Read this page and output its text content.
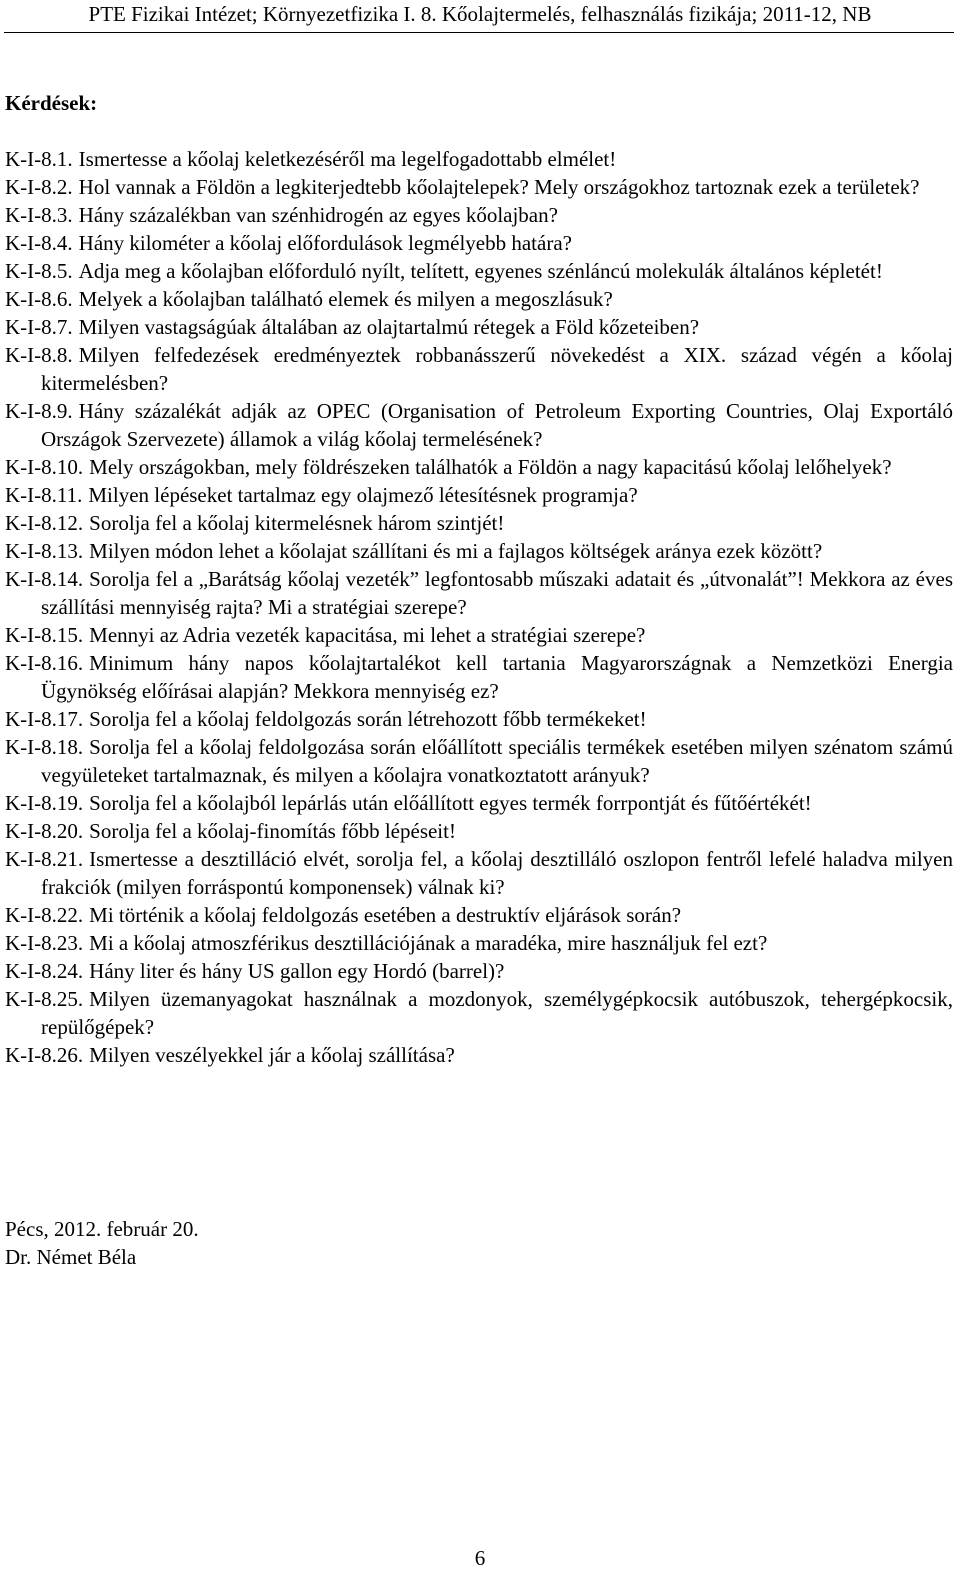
PTE Fizikai Intézet; Környezetfizika I. 8. Kőolajtermelés, felhasználás fizikája; 2011-12, NB
Kérdések:
K-I-8.1. Ismertesse a kőolaj keletkezéséről ma legelfogadottabb elmélet!
K-I-8.2. Hol vannak a Földön a legkiterjedtebb kőolajtelepek? Mely országokhoz tartoznak ezek a területek?
K-I-8.3. Hány százalékban van szénhidrogén az egyes kőolajban?
K-I-8.4. Hány kilométer a kőolaj előfordulások legmélyebb határa?
K-I-8.5. Adja meg a kőolajban előforduló nyílt, telített, egyenes szénláncú molekulák általános képletét!
K-I-8.6. Melyek a kőolajban található elemek és milyen a megoszlásuk?
K-I-8.7. Milyen vastagságúak általában az olajtartalmú rétegek a Föld kőzeteiben?
K-I-8.8. Milyen felfedezések eredményeztek robbanásszerű növekedést a XIX. század végén a kőolaj kitermelésben?
K-I-8.9. Hány százalékát adják az OPEC (Organisation of Petroleum Exporting Countries, Olaj Exportáló Országok Szervezete) államok a világ kőolaj termelésének?
K-I-8.10. Mely országokban, mely földrészeken találhatók a Földön a nagy kapacitású kőolaj lelőhelyek?
K-I-8.11. Milyen lépéseket tartalmaz egy olajmező létesítésnek programja?
K-I-8.12. Sorolja fel a kőolaj kitermelésnek három szintjét!
K-I-8.13. Milyen módon lehet a kőolajat szállítani és mi a fajlagos költségek aránya ezek között?
K-I-8.14. Sorolja fel a „Barátság kőolaj vezeték” legfontosabb műszaki adatait és „útvonalát”! Mekkora az éves szállítási mennyiség rajta? Mi a stratégiai szerepe?
K-I-8.15. Mennyi az Adria vezeték kapacitása, mi lehet a stratégiai szerepe?
K-I-8.16. Minimum hány napos kőolajtartalékot kell tartania Magyarországnak a Nemzetközi Energia Ügynökség előírásai alapján? Mekkora mennyiség ez?
K-I-8.17. Sorolja fel a kőolaj feldolgozás során létrehozott főbb termékeket!
K-I-8.18. Sorolja fel a kőolaj feldolgozása során előállított speciális termékek esetében milyen szénatom számú vegyületeket tartalmaznak, és milyen a kőolajra vonatkoztatott arányuk?
K-I-8.19. Sorolja fel a kőolajból lepárlás után előállított egyes termék forrpontját és fűtőértékét!
K-I-8.20. Sorolja fel a kőolaj-finomítás főbb lépéseit!
K-I-8.21. Ismertesse a desztilláció elvét, sorolja fel, a kőolaj desztilláló oszlopon fentről lefelé haladva milyen frakciók (milyen forráspontú komponensek) válnak ki?
K-I-8.22. Mi történik a kőolaj feldolgozás esetében a destruktív eljárások során?
K-I-8.23. Mi a kőolaj atmoszférikus desztillációjának a maradéka, mire használjuk fel ezt?
K-I-8.24. Hány liter és hány US gallon egy Hordó (barrel)?
K-I-8.25. Milyen üzemanyagokat használnak a mozdonyok, személygépkocsik autóbuszok, tehergépkocsik, repülőgépek?
K-I-8.26. Milyen veszélyekkel jár a kőolaj szállítása?
Pécs, 2012. február 20.
Dr. Német Béla
6
